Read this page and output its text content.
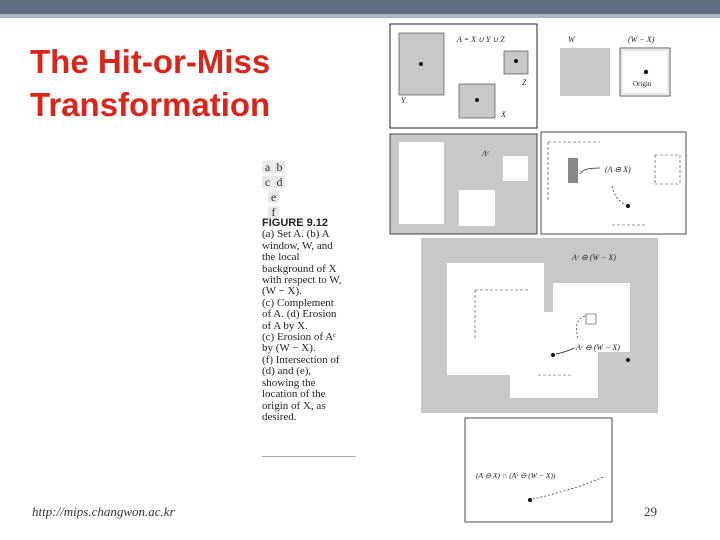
The Hit-or-Miss
Transformation
a b
c d
e
f
FIGURE 9.12
(a) Set A. (b) A
window, W, and
the local
background of X
with respect to W,
(W − X).
(c) Complement
of A. (d) Erosion
of A by X.
(c) Erosion of Aᶜ
by (W − X).
(f) Intersection of
(d) and (e),
showing the
location of the
origin of X, as
desired.
A = X ∪ Y ∪ Z
Y
Z
X
W	(W − X)
Origin
Aᶜ
(A ⊖ X)
Aᶜ ⊖ (W − X)
Aᶜ ⊖ (W − X)
(A ⊖ X) ∩ (Aᶜ ⊖ (W − X))
http://mips.changwon.ac.kr	29
